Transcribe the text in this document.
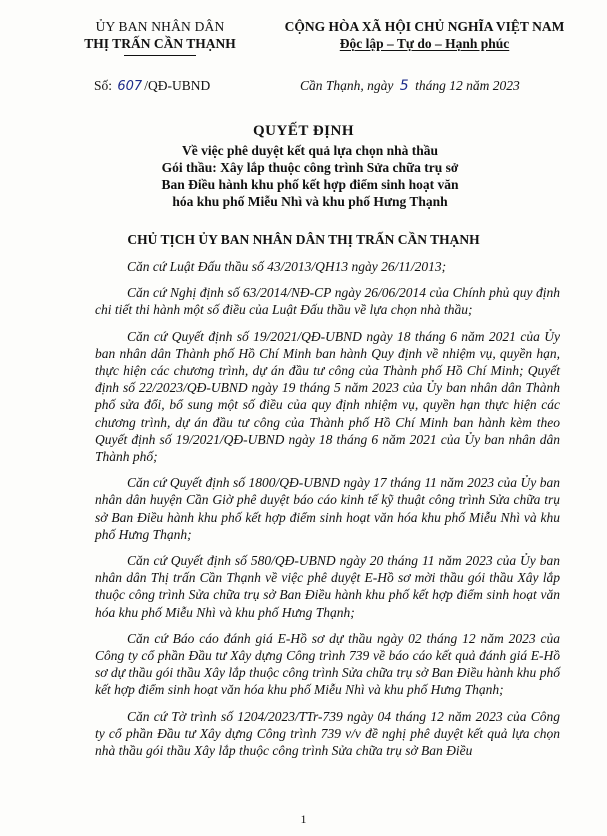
ỦY BAN NHÂN DÂN
THỊ TRẤN CẦN THẠNH
CỘNG HÒA XÃ HỘI CHỦ NGHĨA VIỆT NAM
Độc lập – Tự do – Hạnh phúc
Số: 607 /QĐ-UBND	Cần Thạnh, ngày 5 tháng 12 năm 2023
QUYẾT ĐỊNH
Về việc phê duyệt kết quả lựa chọn nhà thầu
Gói thầu: Xây lắp thuộc công trình Sửa chữa trụ sở Ban Điều hành khu phố kết hợp điểm sinh hoạt văn hóa khu phố Miễu Nhì và khu phố Hưng Thạnh
CHỦ TỊCH ỦY BAN NHÂN DÂN THỊ TRẤN CẦN THẠNH

Căn cứ Luật Đấu thầu số 43/2013/QH13 ngày 26/11/2013;

Căn cứ Nghị định số 63/2014/NĐ-CP ngày 26/06/2014 của Chính phủ quy định chi tiết thi hành một số điều của Luật Đấu thầu về lựa chọn nhà thầu;

Căn cứ Quyết định số 19/2021/QĐ-UBND ngày 18 tháng 6 năm 2021 của Ủy ban nhân dân Thành phố Hồ Chí Minh ban hành Quy định về nhiệm vụ, quyền hạn, thực hiện các chương trình, dự án đầu tư công của Thành phố Hồ Chí Minh; Quyết định số 22/2023/QĐ-UBND ngày 19 tháng 5 năm 2023 của Ủy ban nhân dân Thành phố sửa đổi, bổ sung một số điều của quy định nhiệm vụ, quyền hạn thực hiện các chương trình, dự án đầu tư công của Thành phố Hồ Chí Minh ban hành kèm theo Quyết định số 19/2021/QĐ-UBND ngày 18 tháng 6 năm 2021 của Ủy ban nhân dân Thành phố;

Căn cứ Quyết định số 1800/QĐ-UBND ngày 17 tháng 11 năm 2023 của Ủy ban nhân dân huyện Cần Giờ phê duyệt báo cáo kinh tế kỹ thuật công trình Sửa chữa trụ sở Ban Điều hành khu phố kết hợp điểm sinh hoạt văn hóa khu phố Miễu Nhì và khu phố Hưng Thạnh;

Căn cứ Quyết định số 580/QĐ-UBND ngày 20 tháng 11 năm 2023 của Ủy ban nhân dân Thị trấn Cần Thạnh về việc phê duyệt E-Hồ sơ mời thầu gói thầu Xây lắp thuộc công trình Sửa chữa trụ sở Ban Điều hành khu phố kết hợp điểm sinh hoạt văn hóa khu phố Miễu Nhì và khu phố Hưng Thạnh;

Căn cứ Báo cáo đánh giá E-Hồ sơ dự thầu ngày 02 tháng 12 năm 2023 của Công ty cổ phần Đầu tư Xây dựng Công trình 739 về báo cáo kết quả đánh giá E-Hồ sơ dự thầu gói thầu Xây lắp thuộc công trình Sửa chữa trụ sở Ban Điều hành khu phố kết hợp điểm sinh hoạt văn hóa khu phố Miễu Nhì và khu phố Hưng Thạnh;

Căn cứ Tờ trình số 1204/2023/TTr-739 ngày 04 tháng 12 năm 2023 của Công ty cổ phần Đầu tư Xây dựng Công trình 739 v/v đề nghị phê duyệt kết quả lựa chọn nhà thầu gói thầu Xây lắp thuộc công trình Sửa chữa trụ sở Ban Điều

1
